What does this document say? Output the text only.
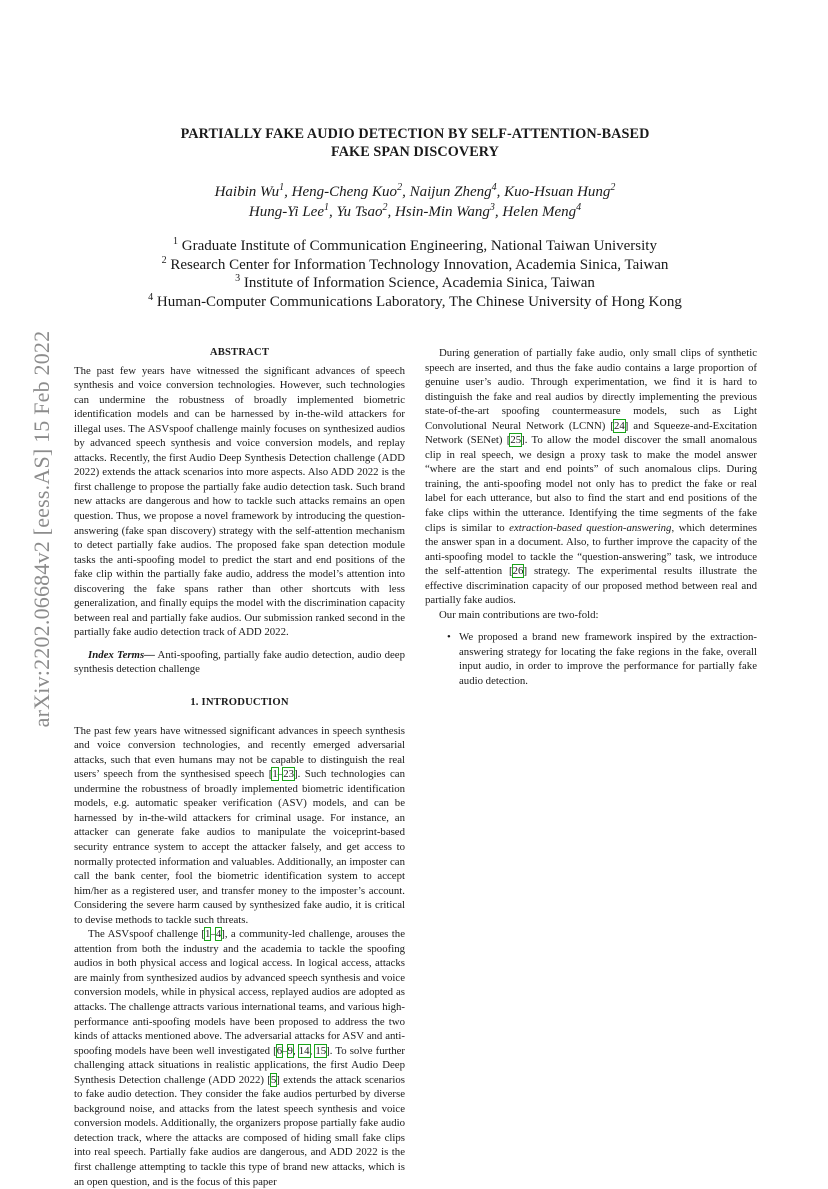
arXiv:2202.06684v2 [eess.AS] 15 Feb 2022
PARTIALLY FAKE AUDIO DETECTION BY SELF-ATTENTION-BASED
FAKE SPAN DISCOVERY
Haibin Wu$^1$, Heng-Cheng Kuo$^2$, Naijun Zheng$^4$, Kuo-Hsuan Hung$^2$
Hung-Yi Lee$^1$, Yu Tsao$^2$, Hsin-Min Wang$^3$, Helen Meng$^4$
$^1$ Graduate Institute of Communication Engineering, National Taiwan University
$^2$ Research Center for Information Technology Innovation, Academia Sinica, Taiwan
$^3$ Institute of Information Science, Academia Sinica, Taiwan
$^4$ Human-Computer Communications Laboratory, The Chinese University of Hong Kong

ABSTRACT

The past few years have witnessed the significant advances of speech synthesis and voice conversion technologies. However, such technologies can undermine the robustness of broadly implemented biometric identification models and can be harnessed by in-the-wild attackers for illegal uses. The ASVspoof challenge mainly focuses on synthesized audios by advanced speech synthesis and voice conversion models, and replay attacks. Recently, the first Audio Deep Synthesis Detection challenge (ADD 2022) extends the attack scenarios into more aspects. Also ADD 2022 is the first challenge to propose the partially fake audio detection task. Such brand new attacks are dangerous and how to tackle such attacks remains an open question. Thus, we propose a novel framework by introducing the question-answering (fake span discovery) strategy with the self-attention mechanism to detect partially fake audios. The proposed fake span detection module tasks the anti-spoofing model to predict the start and end positions of the fake clip within the partially fake audio, address the model’s attention into discovering the fake spans rather than other shortcuts with less generalization, and finally equips the model with the discrimination capacity between real and partially fake audios. Our submission ranked second in the partially fake audio detection track of ADD 2022.

Index Terms— Anti-spoofing, partially fake audio detection, audio deep synthesis detection challenge

1. INTRODUCTION

The past few years have witnessed significant advances in speech synthesis and voice conversion technologies, and recently emerged adversarial attacks, such that even humans may not be capable to distinguish the real users’ speech from the synthesised speech [1–23]. Such technologies can undermine the robustness of broadly implemented biometric identification models, e.g. automatic speaker verification (ASV) models, and can be harnessed by in-the-wild attackers for criminal usage. For instance, an attacker can generate fake audios to manipulate the voiceprint-based security entrance system to accept the attacker falsely, and get access to normally protected information and valuables. Additionally, an imposter can call the bank center, fool the biometric identification system to accept him/her as a registered user, and transfer money to the imposter’s account. Considering the severe harm caused by synthesized fake audio, it is critical to devise methods to tackle such threats.

The ASVspoof challenge [1–4], a community-led challenge, arouses the attention from both the industry and the academia to tackle the spoofing audios in both physical access and logical access. In logical access, attacks are mainly from synthesized audios by advanced speech synthesis and voice conversion models, while in physical access, replayed audios are adopted as attacks. The challenge attracts various international teams, and various high-performance anti-spoofing models have been proposed to address the two kinds of attacks mentioned above. The adversarial attacks for ASV and anti-spoofing models have been well investigated [6–9, 14, 15]. To solve further challenging attack situations in realistic applications, the first Audio Deep Synthesis Detection challenge (ADD 2022) [5] extends the attack scenarios to fake audio detection. They consider the fake audios perturbed by diverse background noise, and attacks from the latest speech synthesis and voice conversion models. Additionally, the organizers propose partially fake audio detection track, where the attacks are composed of hiding small fake clips into real speech. Partially fake audios are dangerous, and ADD 2022 is the first challenge attempting to tackle this type of brand new attacks, which is an open question, and is the focus of this paper

During generation of partially fake audio, only small clips of synthetic speech are inserted, and thus the fake audio contains a large proportion of genuine user’s audio. Through experimentation, we find it is hard to distinguish the fake and real audios by directly implementing the previous state-of-the-art spoofing countermeasure models, such as Light Convolutional Neural Network (LCNN) [24] and Squeeze-and-Excitation Network (SENet) [25]. To allow the model discover the small anomalous clip in real speech, we design a proxy task to make the model answer “where are the start and end points” of such anomalous clips. During training, the anti-spoofing model not only has to predict the fake or real label for each utterance, but also to find the start and end positions of the fake clips within the utterance. Identifying the time segments of the fake clips is similar to extraction-based question-answering, which determines the answer span in a document. Also, to further improve the capacity of the anti-spoofing model to tackle the “question-answering” task, we introduce the self-attention [26] strategy. The experimental results illustrate the effective discrimination capacity of our proposed method between real and partially fake audios.

Our main contributions are two-fold:

• We proposed a brand new framework inspired by the extraction-answering strategy for locating the fake regions in the fake, overall input audio, in order to improve the performance for partially fake audio detection.
